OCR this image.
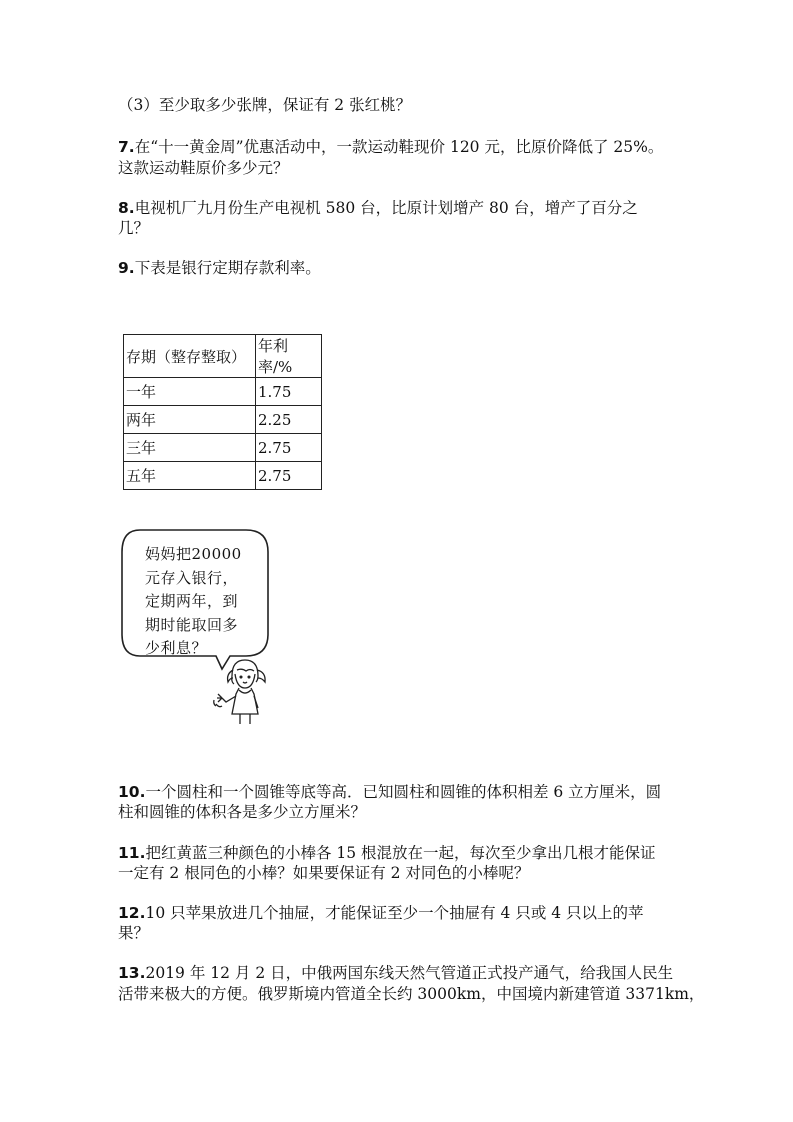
（3）至少取多少张牌，保证有 2 张红桃？
7.在“十一黄金周”优惠活动中，一款运动鞋现价 120 元，比原价降低了 25%。
这款运动鞋原价多少元？
8.电视机厂九月份生产电视机 580 台，比原计划增产 80 台，增产了百分之
几？
9.下表是银行定期存款利率。
存期（整存整取）	年利率/%
一年	1.75
两年	2.25
三年	2.75
五年	2.75
妈妈把20000
元存入银行，
定期两年，到
期时能取回多
少利息？
10.一个圆柱和一个圆锥等底等高．已知圆柱和圆锥的体积相差 6 立方厘米，圆
柱和圆锥的体积各是多少立方厘米？
11.把红黄蓝三种颜色的小棒各 15 根混放在一起，每次至少拿出几根才能保证
一定有 2 根同色的小棒？如果要保证有 2 对同色的小棒呢？
12.10 只苹果放进几个抽屉，才能保证至少一个抽屉有 4 只或 4 只以上的苹
果？
13.2019 年 12 月 2 日，中俄两国东线天然气管道正式投产通气，给我国人民生
活带来极大的方便。俄罗斯境内管道全长约 3000km，中国境内新建管道 3371km，
